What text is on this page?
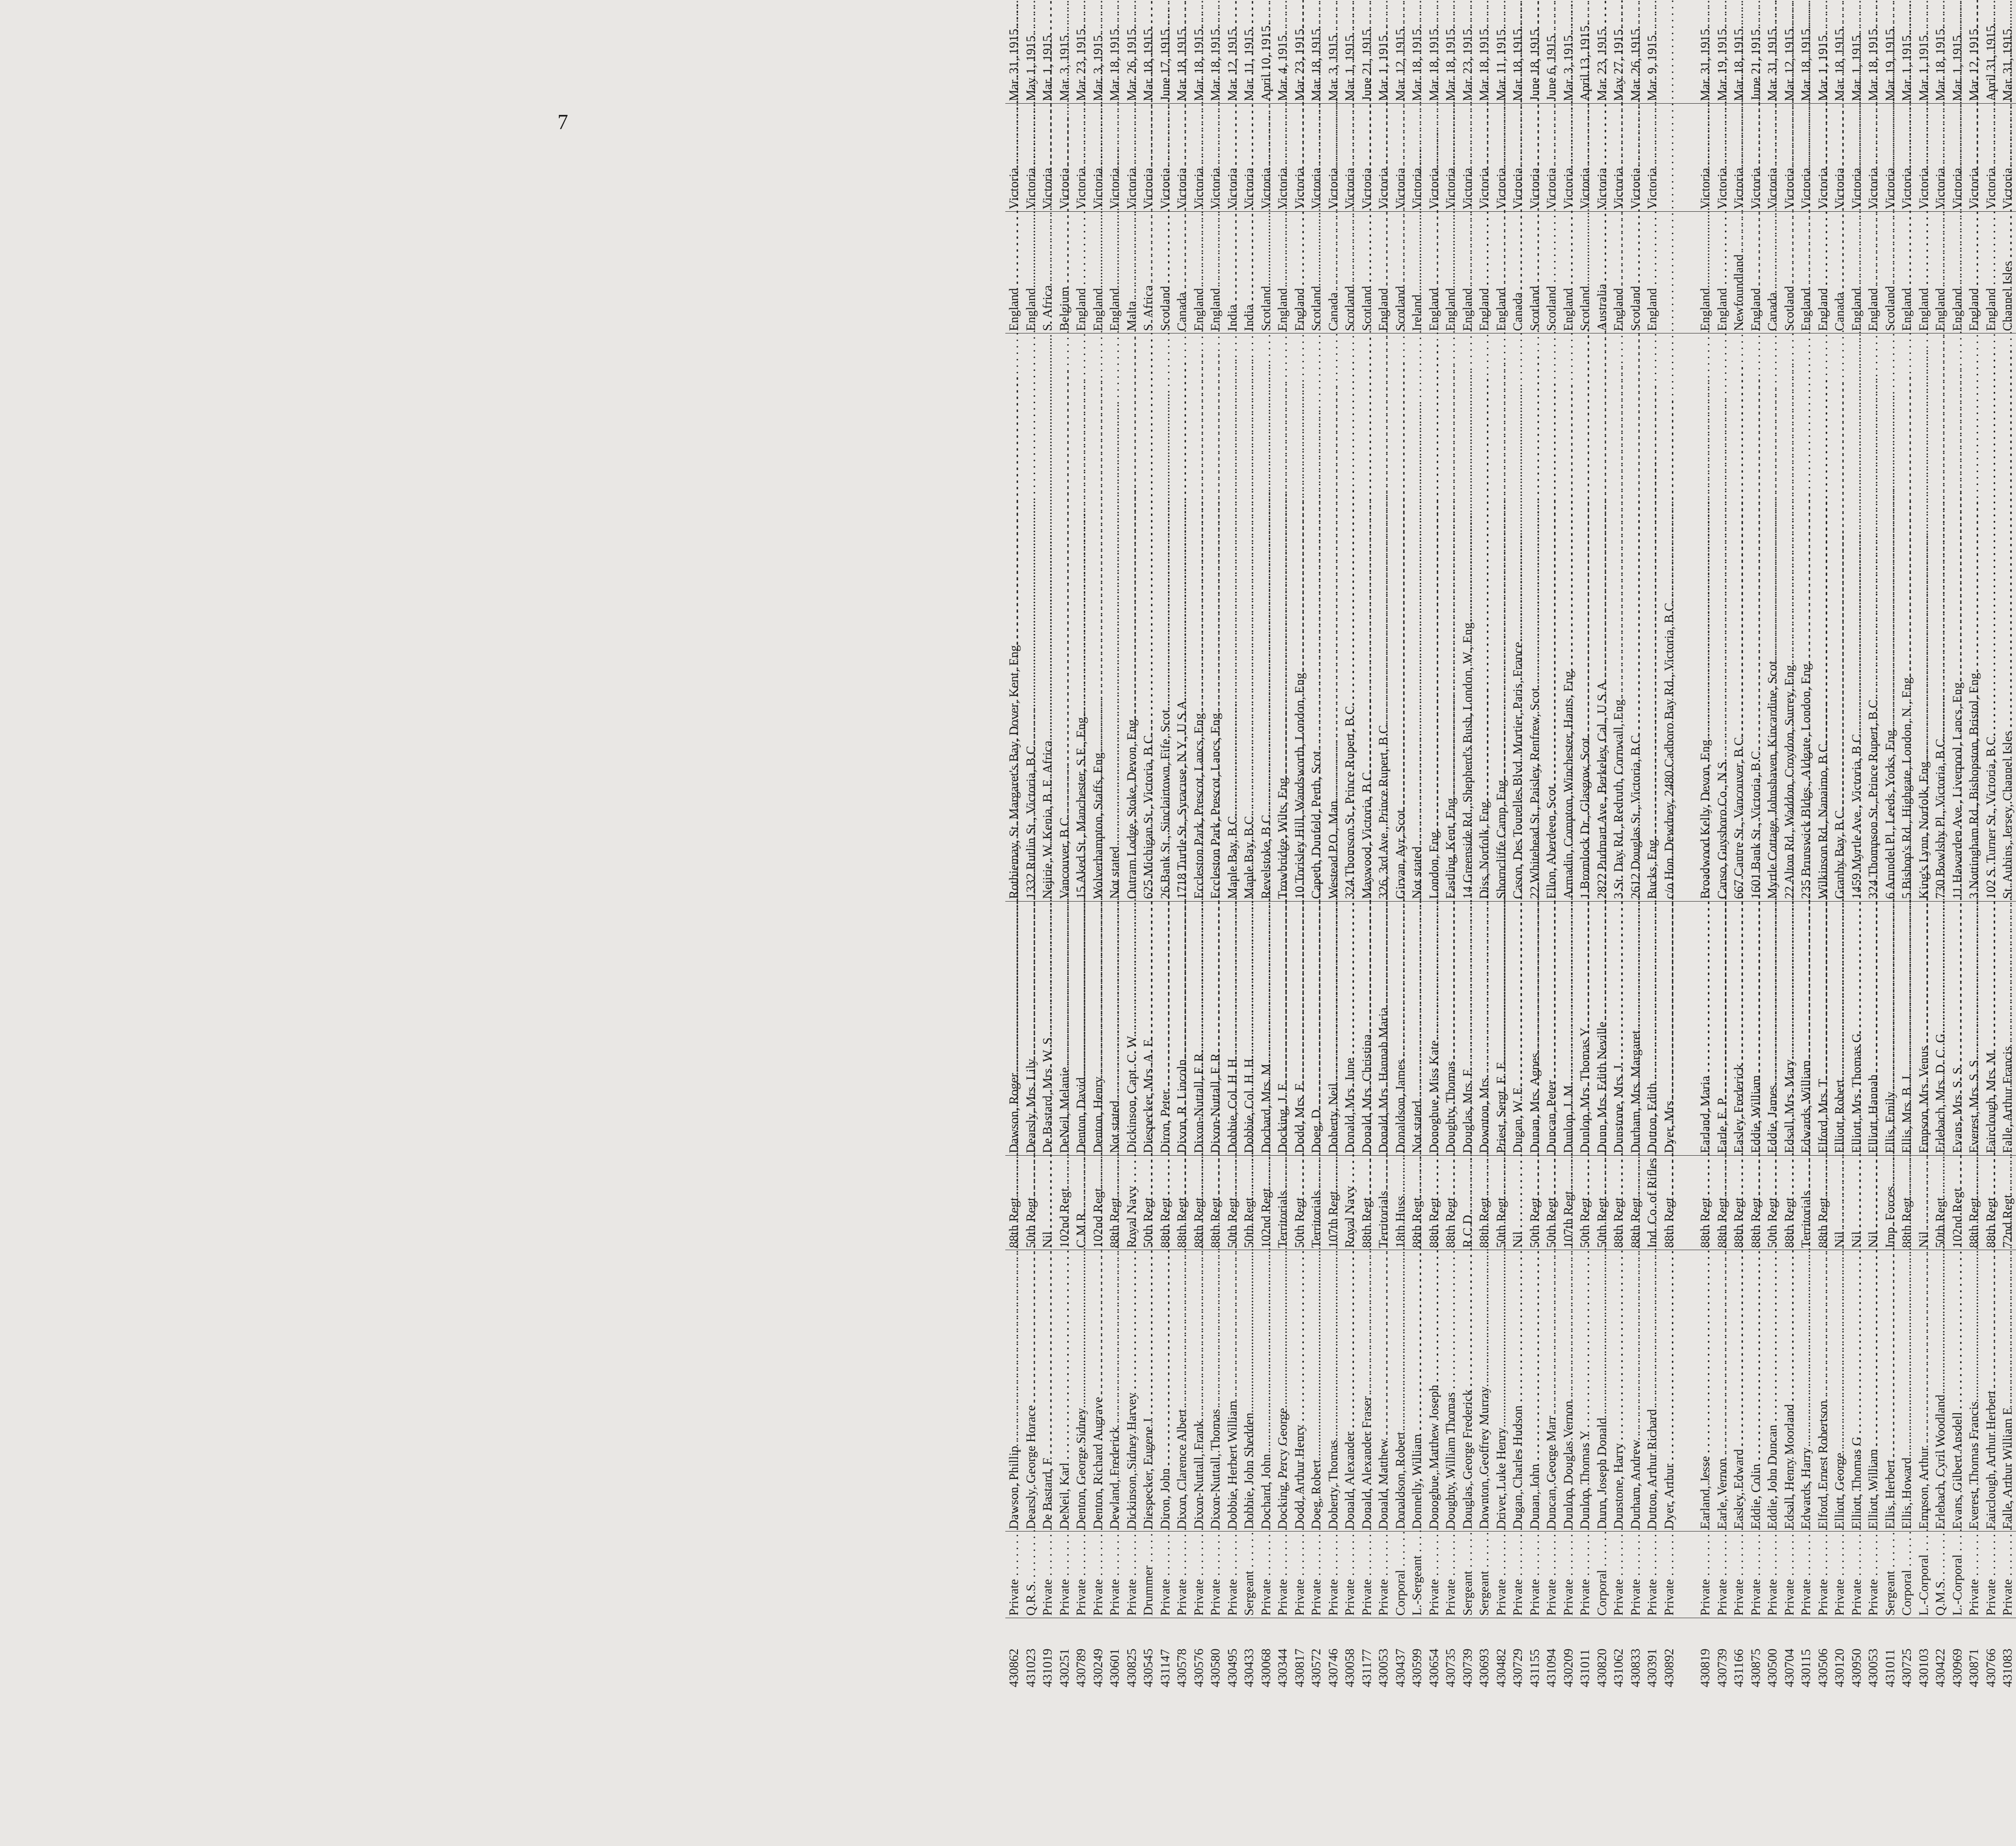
7
430862	Private . . .	Dawson, Phillip . . .	88th Regt . . .	Dawson, Roger . . .	Rothiemay, St. Margaret's Bay, Dover, Kent, Eng. . . .	England . . .	Victoria . . .	Mar. 31, 1915.
431023	Q.R.S. . . .	Dearsly, George Horace . . .	50th Regt . . .	Dearsly, Mrs. Lily . . .	1332 Rutlin St., Victoria, B.C. . . .	England . . .	Victoria . . .	May 1, 1915.
431019	Private . . .	De Bastard, F . . .	Nil . . .	De Bastard, Mrs. W. S. . . .	Nejirie, W. Kenia, B. E. Africa . . .	S. Africa . . .	Victoria . . .	Mar. 1, 1915.
430251	Private . . .	DeNeil, Karl . . .	102nd Regt . . .	DeNeil, Melanie . . .	Vancouver, B.C. . . .	Belgium . . .	Victoria . . .	Mar. 3, 1915.
430789	Private . . .	Denton, George Sidney . . .	C.M.R. . . .	Denton, David . . .	15 Aked St., Manchester, S.E., Eng. . . .	England . . .	Victoria . . .	Mar. 23, 1915.
430249	Private . . .	Denton, Richard Augrave . . .	102nd Regt . . .	Denton, Henry . . .	Wolverhampton, Staffs, Eng. . . .	England . . .	Victoria . . .	Mar. 3, 1915.
430601	Private . . .	Dewland, Frederick . . .	88th Regt . . .	Not stated . . .	Not stated . . .	England . . .	Victoria . . .	Mar. 18, 1915.
430825	Private . . .	Dickinson, Sidney Harvey . . .	Royal Navy . . .	Dickinson, Capt. C. W. . . .	Outram Lodge, Stoke, Devon, Eng. . . .	Malta . . .	Victoria . . .	Mar. 26, 1915.
430545	Drummer . . .	Diespecker, Eugene J . . .	50th Regt . . .	Diespecker, Mrs. A. E. . . .	625 Michigan St., Victoria, B.C. . . .	S. Africa . . .	Victoria . . .	Mar. 18, 1915.
431147	Private . . .	Diron, John . . .	88th Regt . . .	Diron, Peter . . .	26 Bank St., Sinclairtown, Fife, Scot. . . .	Scotland . . .	Victoria . . .	June 17, 1915.
430578	Private . . .	Dixon, Clarence Albert . . .	88th Regt . . .	Dixon, R. Lincoln . . .	1718 Turtle St., Syracuse, N.Y., U.S.A. . . .	Canada . . .	Victoria . . .	Mar. 18, 1915.
430576	Private . . .	Dixon-Nuttall, Frank . . .	88th Regt . . .	Dixon-Nuttall, F. R. . . .	Eccleston Park, Prescot, Lancs, Eng. . . .	England . . .	Victoria . . .	Mar. 18, 1915.
430580	Private . . .	Dixon-Nuttall, Thomas . . .	88th Regt . . .	Dixon-Nuttall, F. R. . . .	Eccleston Park, Prescot, Lancs, Eng. . . .	England . . .	Victoria . . .	Mar. 18, 1915.
430495	Private . . .	Dobbie, Herbert William . . .	50th Regt . . .	Dobbie, Col. H. H. . . .	Maple Bay, B.C. . . .	India . . .	Victoria . . .	Mar. 12, 1915.
430433	Sergeant . . .	Dobbie, John Shedden . . .	50th Regt . . .	Dobbie, Col. H. H. . . .	Maple Bay, B.C. . . .	India . . .	Victoria . . .	Mar. 11, 1915.
430068	Private . . .	Dochard, John . . .	102nd Regt . . .	Dochard, Mrs. M. . . .	Revelstoke, B.C. . . .	Scotland . . .	Victoria . . .	April 10, 1915.
430344	Private . . .	Docking, Percy George . . .	Territorials . . .	Docking, J. E. . . .	Trowbridge, Wilts, Eng. . . .	England . . .	Victoria . . .	Mar. 4, 1915.
430817	Private . . .	Dodd, Arthur Henry . . .	50th Regt . . .	Dodd, Mrs. E. . . .	10 Torisley Hill, Wandsworth, London, Eng. . . .	England . . .	Victoria . . .	Mar. 23, 1915.
430572	Private . . .	Doeg, Robert . . .	Territorials . . .	Doeg, D. . . .	Capeth, Dunfeld, Perth, Scot. . . .	Scotland . . .	Victoria . . .	Mar. 18, 1915.
430746	Private . . .	Doherty, Thomas . . .	107th Regt . . .	Doherty, Neil . . .	Westead P.O., Man. . . .	Canada . . .	Victoria . . .	Mar. 3, 1915.
430058	Private . . .	Donald, Alexander . . .	Royal Navy . . .	Donald, Mrs. June . . .	324 Thomson St., Prince Rupert, B.C. . . .	Scotland . . .	Victoria . . .	Mar. 1, 1915.
431177	Private . . .	Donald, Alexander Fraser . . .	88th Regt . . .	Donald, Mrs. Christina . . .	Maywood, Victoria, B.C. . . .	Scotland . . .	Victoria . . .	June 21, 1915.
430053	Private . . .	Donald, Matthew . . .	Territorials . . .	Donald, Mrs. Hannah Maria . . .	326, 3rd Ave., Prince Rupert, B.C. . . .	England . . .	Victoria . . .	Mar. 1, 1915.
430437	Corporal . . .	Donaldson, Robert . . .	18th Huss . . .	Donaldson, James . . .	Girvan, Ayr, Scot. . . .	Scotland . . .	Victoria . . .	Mar. 12, 1915.
430599	L.-Sergeant . . .	Donnelly, William . . .	88th Regt . . .	Not stated . . .	Not stated . . .	Ireland . . .	Victoria . . .	Mar. 18, 1915.
430654	Private . . .	Donoghue, Matthew Joseph . . .	88th Regt . . .	Donoghue, Miss Kate . . .	London, Eng. . . .	England . . .	Victoria . . .	Mar. 18, 1915.
430735	Private . . .	Doughty, William Thomas . . .	88th Regt . . .	Doughty, Thomas . . .	Eastling, Kent, Eng. . . .	England . . .	Victoria . . .	Mar. 18, 1915.
430739	Sergeant . . .	Douglas, George Frederick . . .	R.C.D. . . .	Douglas, Mrs. F. . . .	14 Greenside Rd., Shepherd's Bush, London, W., Eng. . . .	England . . .	Victoria . . .	Mar. 23, 1915.
430693	Sergeant . . .	Downton, Geoffrey Murray . . .	88th Regt . . .	Downton, Mrs. . . .	Diss, Norfolk, Eng. . . .	England . . .	Victoria . . .	Mar. 18, 1915.
430482	Private . . .	Driver, Luke Henry . . .	50th Regt . . .	Priest, Sergt. E. E. . . .	Shorncliffe Camp, Eng. . . .	England . . .	Victoria . . .	Mar. 11, 1915.
430729	Private . . .	Dugan, Charles Hudson . . .	Nil . . .	Dugan, W. E. . . .	Cason, Des Tourelles Blvd. Mortier, Paris, France . . .	Canada . . .	Victoria . . .	Mar. 18, 1915.
431155	Private . . .	Dunan, John . . .	50th Regt . . .	Dunan, Mrs. Agnes . . .	22 Whitehead St., Paisley, Renfrew, Scot. . . .	Scotland . . .	Victoria . . .	June 18, 1915.
431094	Private . . .	Duncan, George Marr . . .	50th Regt . . .	Duncan, Peter . . .	Ellon, Aberdeen, Scot. . . .	Scotland . . .	Victoria . . .	June 6, 1915.
430209	Private . . .	Dunlop, Douglas Vernon . . .	107th Regt . . .	Dunlop, J. M. . . .	Armadin, Compton, Winchester, Hants, Eng. . . .	England . . .	Victoria . . .	Mar. 3, 1915.
431011	Private . . .	Dunlop, Thomas Y . . .	50th Regt . . .	Dunlop, Mrs. Thomas Y. . . .	1 Bromlock Dr., Glasgow, Scot. . . .	Scotland . . .	Victoria . . .	April 13, 1915.
430820	Corporal . . .	Dunn, Joseph Donald . . .	50th Regt . . .	Dunn, Mrs. Edith Neville . . .	2822 Pudmart Ave., Berkeley, Cal., U.S.A. . . .	Australia . . .	Victoria . . .	Mar. 23, 1915.
431062	Private . . .	Dunstone, Harry . . .	88th Regt . . .	Dunstone, Mrs. J. . . .	3 St. Day Rd., Redruth, Cornwall, Eng. . . .	England . . .	Victoria . . .	May 27, 1915.
430833	Private . . .	Durham, Andrew . . .	88th Regt . . .	Durham, Mrs. Margaret . . .	2612 Douglas St., Victoria, B.C. . . .	Scotland . . .	Victoria . . .	Mar. 26, 1915.
430391	Private . . .	Dutton, Arthur Richard . . .	Ind. Co. of Rifles . . .	Dutton, Edith . . .	Bucks, Eng. . . .	England . . .	Victoria . . .	Mar. 9, 1915.
430892	Private . . .	Dyer, Arthur . . .	88th Regt . . .	Dyer, Mrs. . . .	c/o Hon. Dewdney, 2480 Cadboro Bay Rd., Victoria, B.C. . . .			

430819	Private . . .	Earland, Jesse . . .	88th Regt . . .	Earland, Maria . . .	Broadwood Kelly, Devon, Eng. . . .	England . . .	Victoria . . .	Mar. 31, 1915.
430739	Private . . .	Earle, Vernon . . .	88th Regt . . .	Earle, E. P. . . .	Canso, Guysboro Co., N.S. . . .	England . . .	Victoria . . .	Mar. 19, 1915.
431166	Private . . .	Easley, Edward . . .	88th Regt . . .	Easley, Frederick . . .	667 Cantre St., Vancouver, B.C. . . .	Newfoundland . . .	Victoria . . .	Mar. 18, 1915.
430875	Private . . .	Eddie, Colin . . .	88th Regt . . .	Eddie, William . . .	1601 Bank St., Victoria, B.C. . . .	England . . .	Victoria . . .	June 21, 1915.
430500	Private . . .	Eddie, John Duncan . . .	50th Regt . . .	Eddie, James . . .	Myrtle Cottage, Johnshaven, Kincardine, Scot. . . .	Canada . . .	Victoria . . .	Mar. 31, 1915.
430704	Private . . .	Edsall, Henry Moorland . . .	88th Regt . . .	Edsall, Mrs. Mary . . .	22 Alton Rd., Waddon, Croydon, Surrey, Eng. . . .	Scotland . . .	Victoria . . .	Mar. 12, 1915.
430115	Private . . .	Edwards, Harry . . .	Territorials . . .	Edwards, William . . .	235 Brunswick Bldgs., Aldgate, London, Eng. . . .	England . . .	Victoria . . .	Mar. 18, 1915.
430506	Private . . .	Elford, Ernest Robertson . . .	88th Regt . . .	Elford, Mrs. T. . . .	Wilkinson Rd., Nanaimo, B.C. . . .	England . . .	Victoria . . .	Mar. 1, 1915.
430120	Private . . .	Elliott, George . . .	Nil . . .	Elliott, Robert . . .	Granby Bay, B.C. . . .	Canada . . .	Victoria . . .	Mar. 18, 1915.
430950	Private . . .	Elliott, Thomas G . . .	Nil . . .	Elliott, Mrs. Thomas G. . . .	1459 Myrtle Ave., Victoria, B.C. . . .	England . . .	Victoria . . .	Mar. 1, 1915.
430053	Private . . .	Elliott, William . . .	Nil . . .	Elliott, Hannah . . .	324 Thompson St., Prince Rupert, B.C. . . .	England . . .	Victoria . . .	Mar. 18, 1915.
431011	Sergeant . . .	Ellis, Herbert . . .	Imp. Forces . . .	Ellis, Emily . . .	6 Arundel Pl., Leeds, Yorks, Eng. . . .	Scotland . . .	Victoria . . .	Mar. 19, 1915.
430725	Corporal . . .	Ellis, Howard . . .	88th Regt . . .	Ellis, Mrs. B. J. . . .	5 Bishop's Rd., Highgate, London, N., Eng. . . .	England . . .	Victoria . . .	Mar. 1, 1915.
430103	L.-Corporal . . .	Empson, Arthur . . .	Nil . . .	Empson, Mrs. Venus . . .	King's Lynn, Norfolk, Eng. . . .	England . . .	Victoria . . .	Mar. 1, 1915.
430422	Q.M.S. . . .	Erlebach, Cyril Woodland . . .	50th Regt . . .	Erlebach, Mrs. D. C. G. . . .	730 Bowlsby Pl., Victoria, B.C. . . .	England . . .	Victoria . . .	Mar. 18, 1915.
430969	L.-Corporal . . .	Evans, Gilbert Ansdell . . .	102nd Regt . . .	Evans, Mrs. S. S. . . .	11 Hawarden Ave., Liverpool, Lancs, Eng. . . .	England . . .	Victoria . . .	Mar. 1, 1915.
430871	Private . . .	Everest, Thomas Francis . . .	88th Regt . . .	Everest, Mrs. S. S. . . .	3 Nottingham Rd., Bishopston, Bristol, Eng. . . .	England . . .	Victoria . . .	Mar. 12, 1915.
430766	Private . . .	Fairclough, Arthur Herbert . . .	88th Regt . . .	Fairclough, Mrs. M. . . .	102 S. Turner St., Victoria, B.C. . . .	England . . .	Victoria . . .	April 31, 1915.
431083	Private . . .	Falle, Arthur William E . . .	72nd Regt . . .	Falle, Arthur Francis . . .	St. Aubins, Jersey, Channel Isles . . .	Channel Isles . . .	Victoria . . .	Mar. 31, 1915.
